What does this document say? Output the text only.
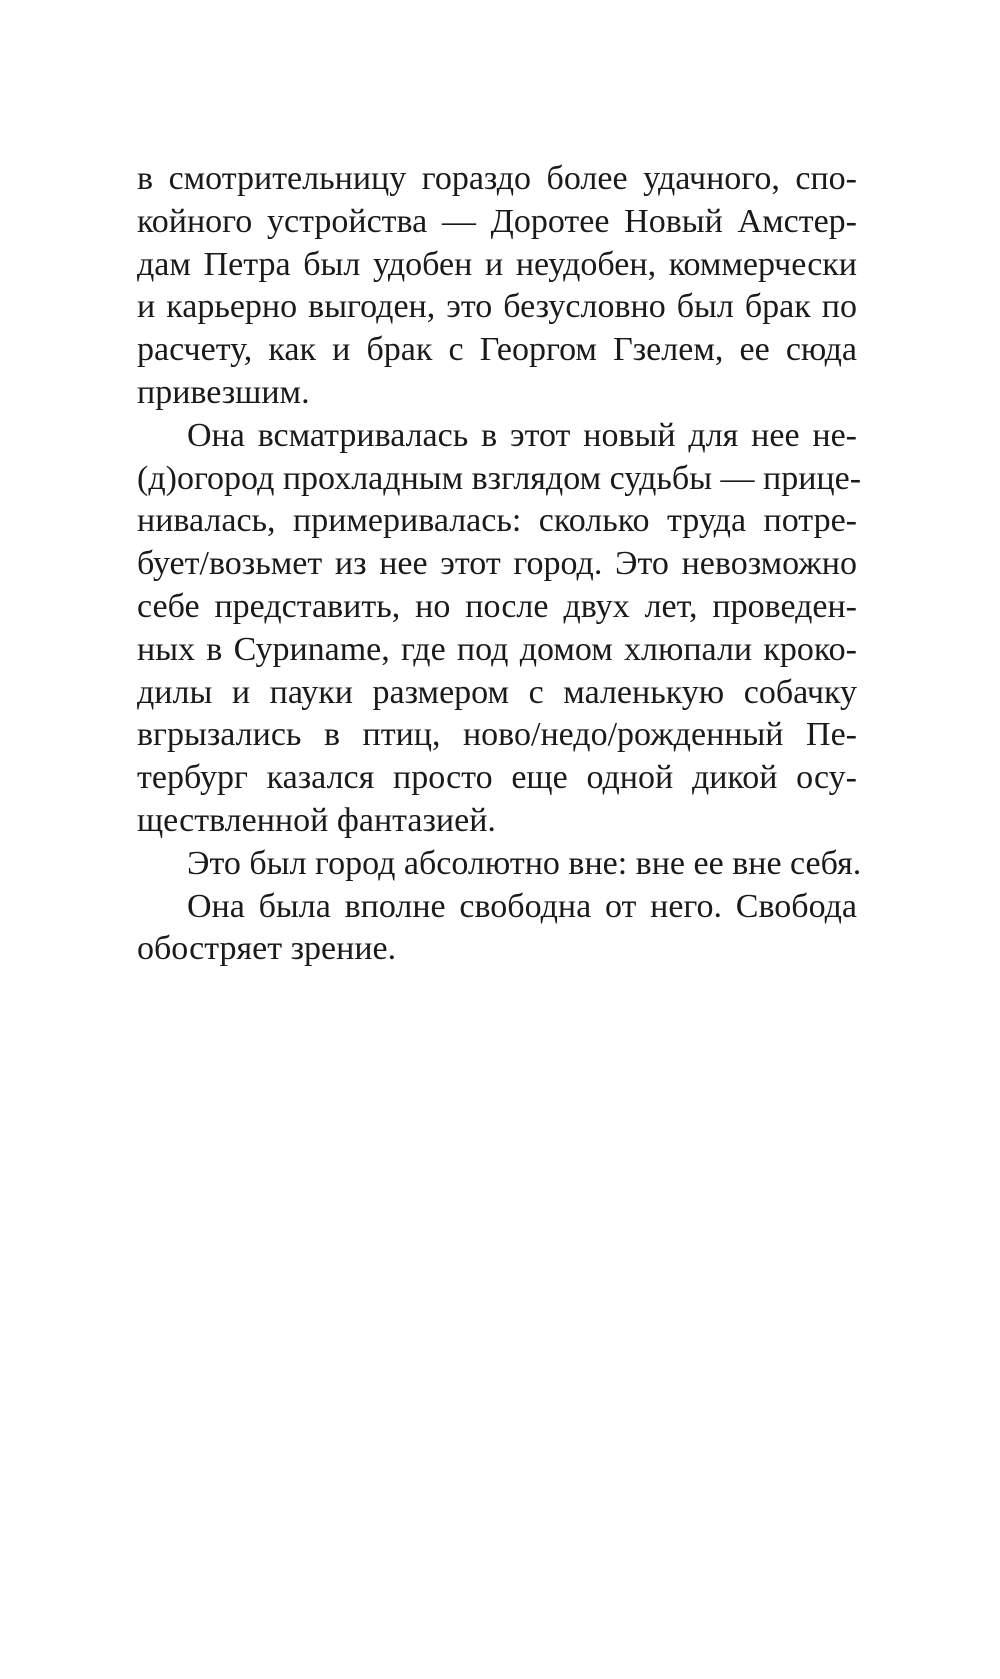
в смотрительницу гораздо более удачного, спо-
койного устройства — Доротее Новый Амстер-
дам Петра был удобен и неудобен, коммерчески
и карьерно выгоден, это безусловно был брак по
расчету, как и брак с Георгом Гзелем, ее сюда
привезшим.
Она всматривалась в этот новый для нее не-
(д)огород прохладным взглядом судьбы — прице-
нивалась, примеривалась: сколько труда потре-
бует/возьмет из нее этот город. Это невозможно
себе представить, но после двух лет, проведен-
ных в Суриname, где под домом хлюпали кроко-
дилы и пауки размером с маленькую собачку
вгрызались в птиц, ново/недо/рожденный Пе-
тербург казался просто еще одной дикой осу-
ществленной фантазией.
Это был город абсолютно вне: вне ее вне себя.
Она была вполне свободна от него. Свобода
обостряет зрение.
